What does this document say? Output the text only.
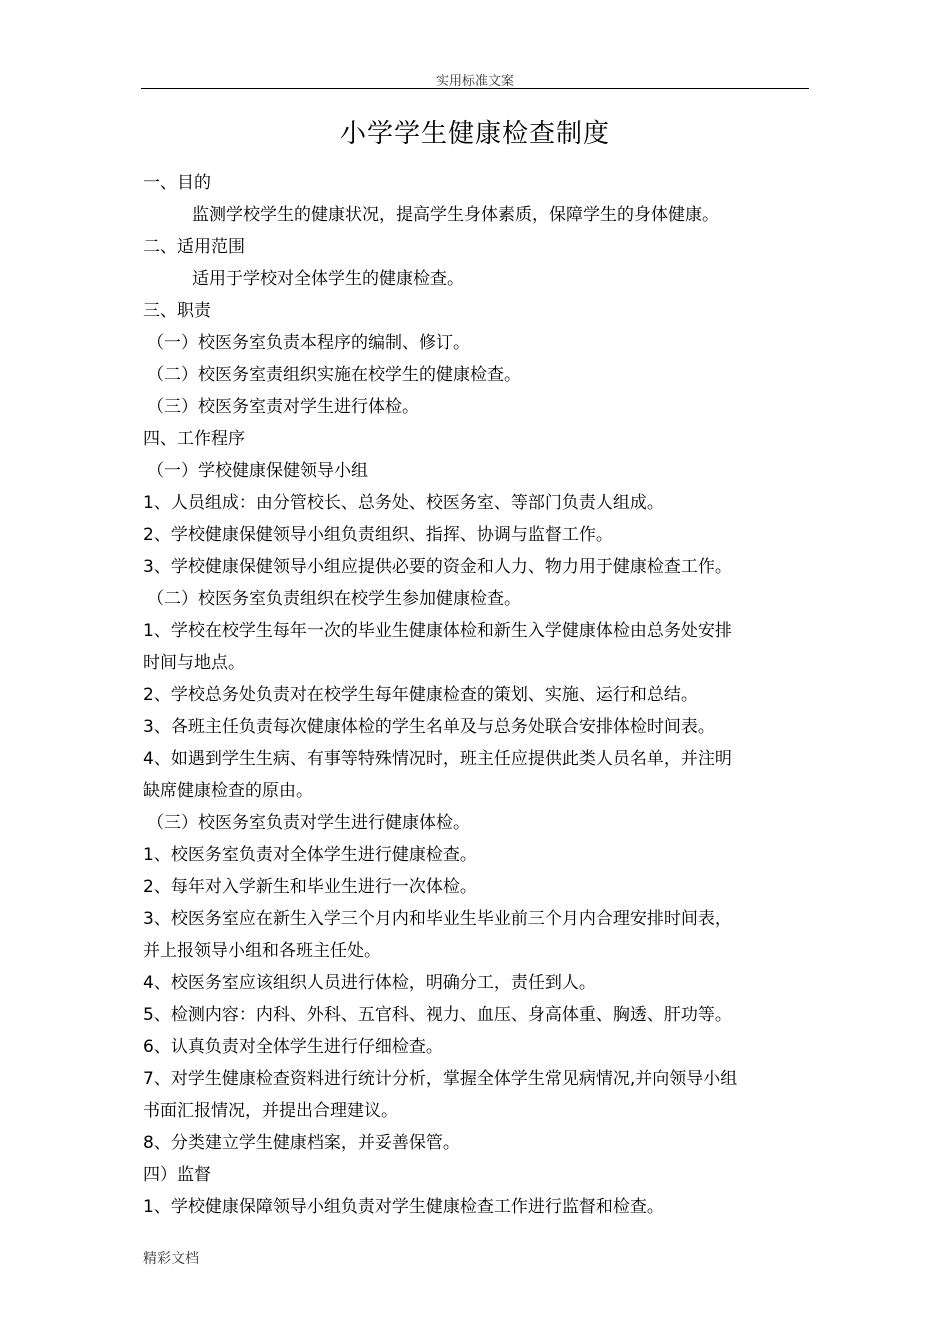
实用标准文案
小学学生健康检查制度
一、目的
监测学校学生的健康状况，提高学生身体素质，保障学生的身体健康。
二、适用范围
适用于学校对全体学生的健康检查。
三、职责
（一）校医务室负责本程序的编制、修订。
（二）校医务室责组织实施在校学生的健康检查。
（三）校医务室责对学生进行体检。
四、工作程序
（一）学校健康保健领导小组
1、人员组成：由分管校长、总务处、校医务室、等部门负责人组成。
2、学校健康保健领导小组负责组织、指挥、协调与监督工作。
3、学校健康保健领导小组应提供必要的资金和人力、物力用于健康检查工作。
（二）校医务室负责组织在校学生参加健康检查。
1、学校在校学生每年一次的毕业生健康体检和新生入学健康体检由总务处安排
时间与地点。
2、学校总务处负责对在校学生每年健康检查的策划、实施、运行和总结。
3、各班主任负责每次健康体检的学生名单及与总务处联合安排体检时间表。
4、如遇到学生生病、有事等特殊情况时，班主任应提供此类人员名单，并注明
缺席健康检查的原由。
（三）校医务室负责对学生进行健康体检。
1、校医务室负责对全体学生进行健康检查。
2、每年对入学新生和毕业生进行一次体检。
3、校医务室应在新生入学三个月内和毕业生毕业前三个月内合理安排时间表，
并上报领导小组和各班主任处。
4、校医务室应该组织人员进行体检，明确分工，责任到人。
5、检测内容：内科、外科、五官科、视力、血压、身高体重、胸透、肝功等。
6、认真负责对全体学生进行仔细检查。
7、对学生健康检查资料进行统计分析，掌握全体学生常见病情况,并向领导小组
书面汇报情况，并提出合理建议。
8、分类建立学生健康档案，并妥善保管。
四）监督
1、学校健康保障领导小组负责对学生健康检查工作进行监督和检查。
精彩文档
